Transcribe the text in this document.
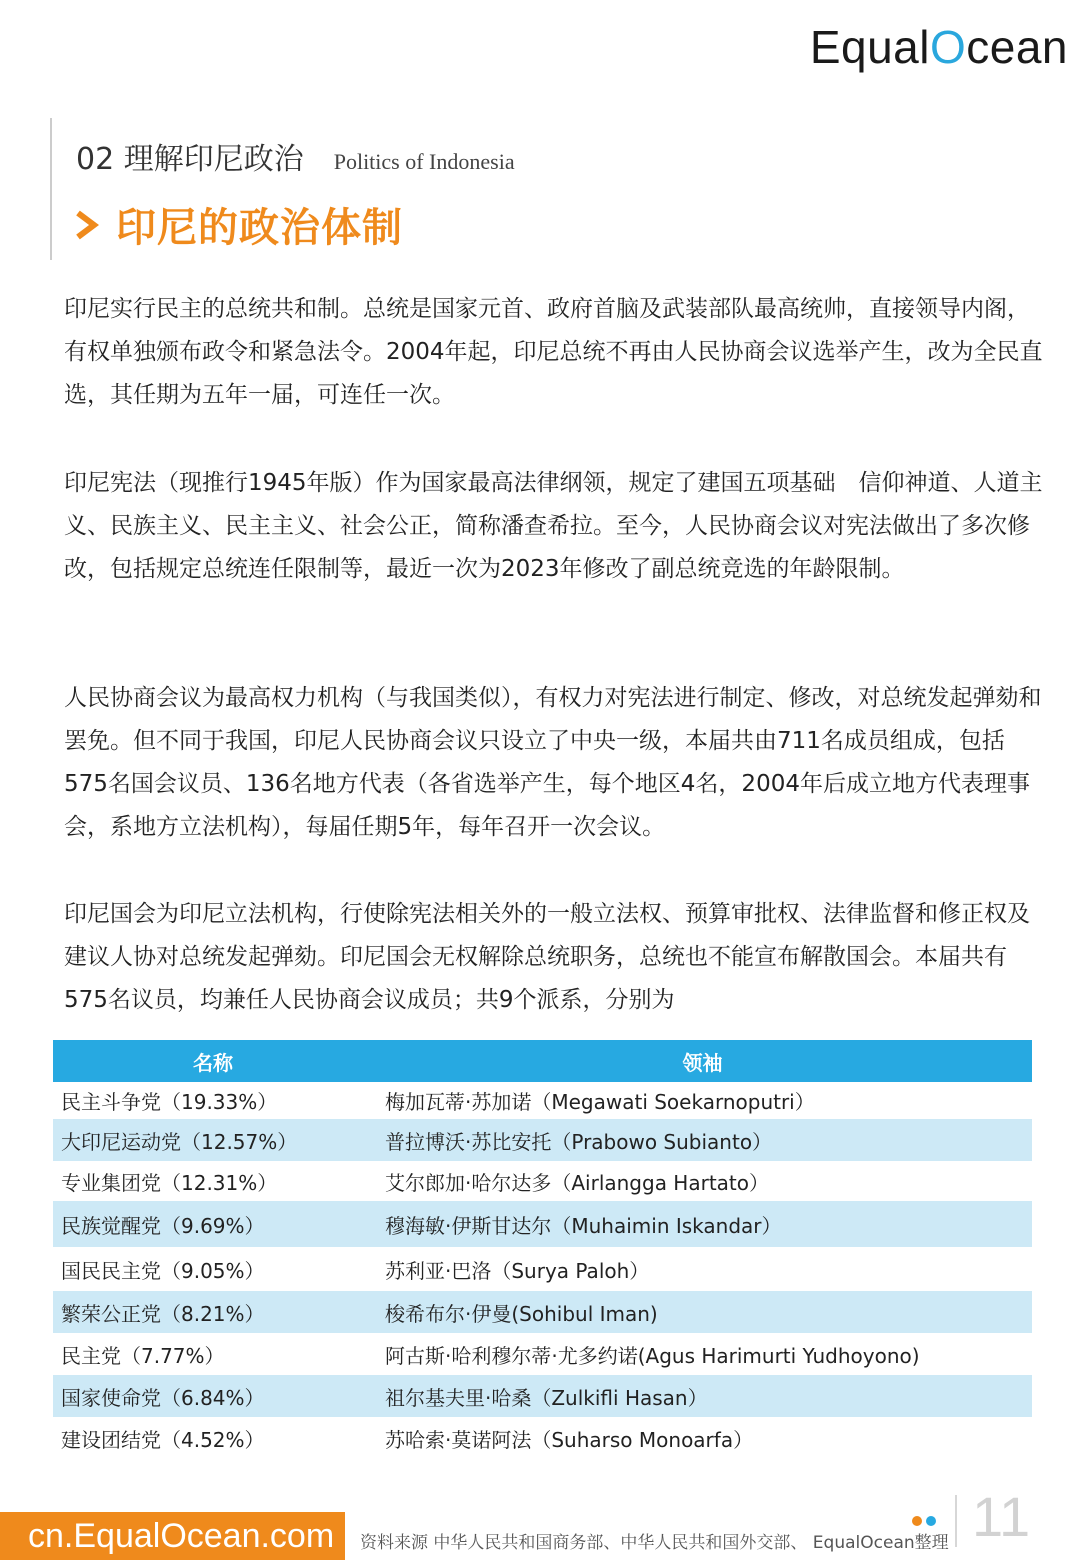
EqualOcean
02 理解印尼政治 Politics of Indonesia
印尼的政治体制

印尼实行民主的总统共和制。总统是国家元首、政府首脑及武装部队最高统帅，直接领导内阁，有权单独颁布政令和紧急法令。2004年起，印尼总统不再由人民协商会议选举产生，改为全民直选，其任期为五年一届，可连任一次。

印尼宪法（现推行1945年版）作为国家最高法律纲领，规定了建国五项基础　信仰神道、人道主义、民族主义、民主主义、社会公正，简称潘查希拉。至今，人民协商会议对宪法做出了多次修改，包括规定总统连任限制等，最近一次为2023年修改了副总统竞选的年龄限制。

人民协商会议为最高权力机构（与我国类似），有权力对宪法进行制定、修改，对总统发起弹劾和罢免。但不同于我国，印尼人民协商会议只设立了中央一级，本届共由711名成员组成，包括575名国会议员、136名地方代表（各省选举产生，每个地区4名，2004年后成立地方代表理事会，系地方立法机构），每届任期5年，每年召开一次会议。

印尼国会为印尼立法机构，行使除宪法相关外的一般立法权、预算审批权、法律监督和修正权及建议人协对总统发起弹劾。印尼国会无权解除总统职务，总统也不能宣布解散国会。本届共有575名议员，均兼任人民协商会议成员；共9个派系，分别为

名称	领袖
民主斗争党（19.33%）	梅加瓦蒂·苏加诺（Megawati Soekarnoputri）
大印尼运动党（12.57%）	普拉博沃·苏比安托（Prabowo Subianto）
专业集团党（12.31%）	艾尔郎加·哈尔达多（Airlangga Hartato）
民族觉醒党（9.69%）	穆海敏·伊斯甘达尔（Muhaimin Iskandar）
国民民主党（9.05%）	苏利亚·巴洛（Surya Paloh）
繁荣公正党（8.21%）	梭希布尔·伊曼(Sohibul Iman)
民主党（7.77%）	阿古斯·哈利穆尔蒂·尤多约诺(Agus Harimurti Yudhoyono)
国家使命党（6.84%）	祖尔基夫里·哈桑（Zulkifli Hasan）
建设团结党（4.52%）	苏哈索·莫诺阿法（Suharso Monoarfa）
cn.EqualOcean.com	资料来源 中华人民共和国商务部、中华人民共和国外交部、 EqualOcean整理 11
